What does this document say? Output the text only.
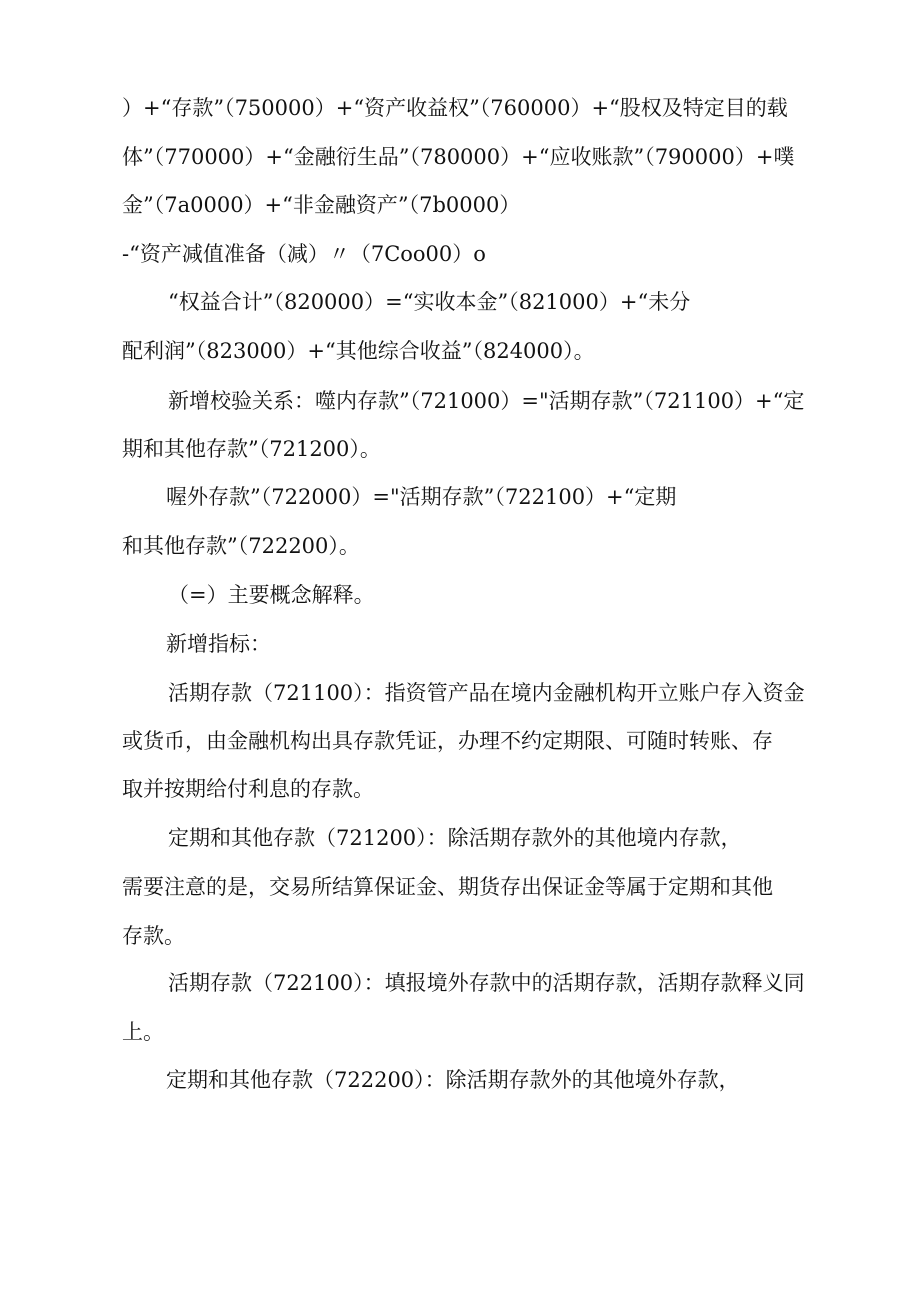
）+“存款”（750000）+“资产收益权”（760000）+“股权及特定目的载
体”（770000）+“金融衍生品”（780000）+“应收账款”（790000）+噗
金”（7a0000）+“非金融资产”（7b0000）
-“资产减值准备（减）〃（7Coo00）o
“权益合计”（820000）=“实收本金”（821000）+“未分
配利润”（823000）+“其他综合收益”（824000）。
新增校验关系：噬内存款”（721000）="活期存款”（721100）+“定
期和其他存款”（721200）。
喔外存款”（722000）="活期存款”（722100）+“定期
和其他存款”（722200）。
（=）主要概念解释。
新增指标：
活期存款（721100）：指资管产品在境内金融机构开立账户存入资金
或货币，由金融机构出具存款凭证，办理不约定期限、可随时转账、存
取并按期给付利息的存款。
定期和其他存款（721200）：除活期存款外的其他境内存款，
需要注意的是，交易所结算保证金、期货存出保证金等属于定期和其他
存款。
活期存款（722100）：填报境外存款中的活期存款，活期存款释义同
上。
定期和其他存款（722200）：除活期存款外的其他境外存款，
